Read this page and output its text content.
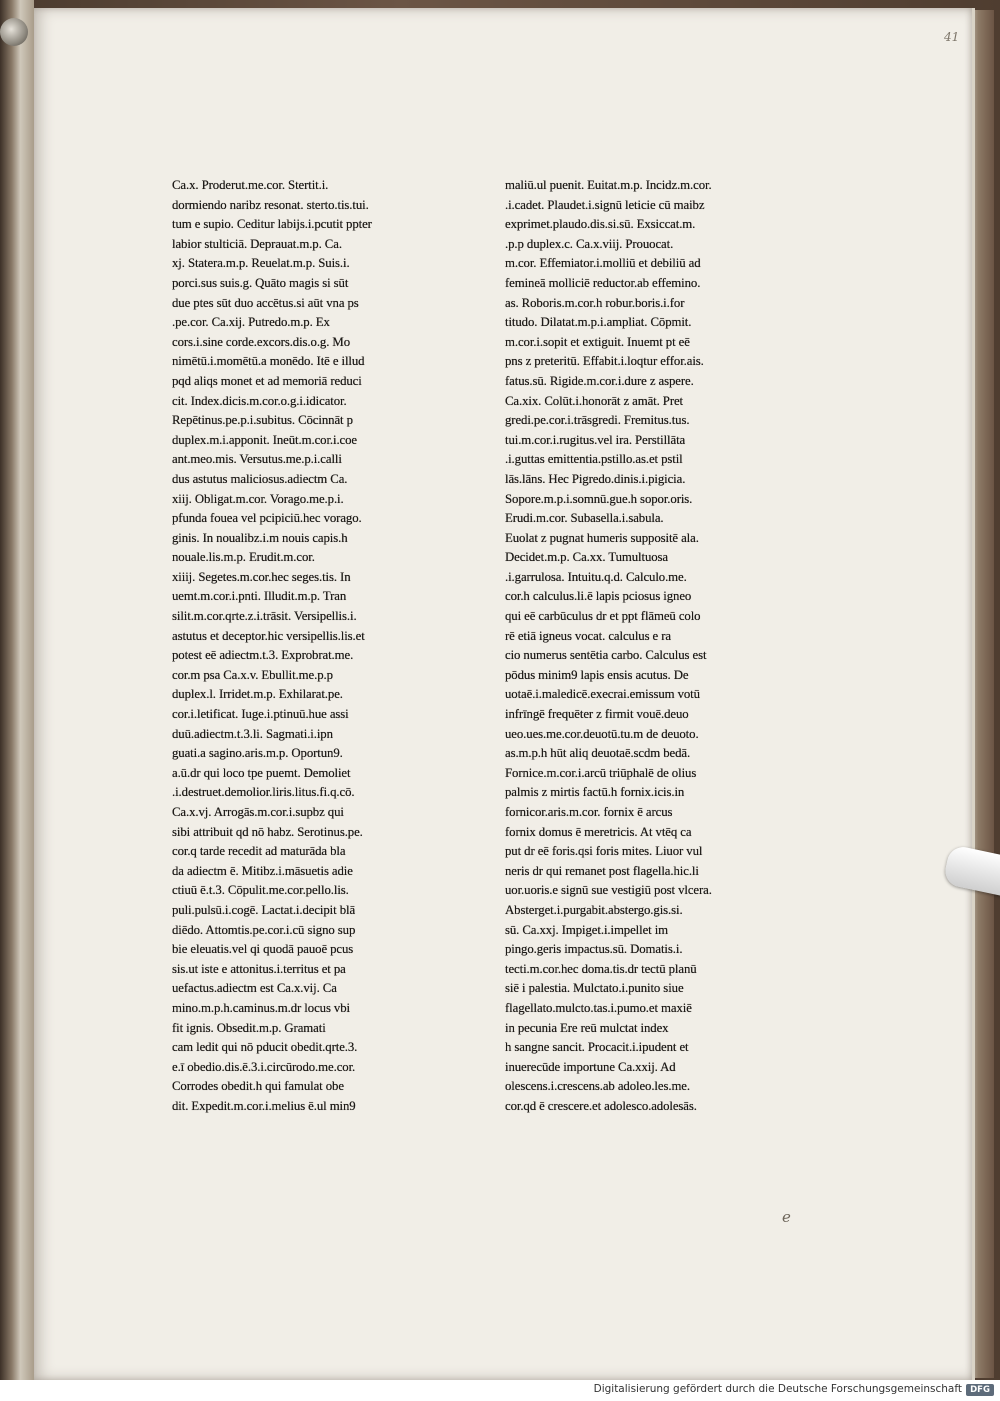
41
Ca.x. Proderut.me.cor. Stertit.i.
dormiendo naribz resonat. sterto.tis.tui.
tum e supio. Ceditur labijs.i.pcutit ppter
labior stulticiā. Deprauat.m.p. Ca.
xj. Statera.m.p. Reuelat.m.p. Suis.i.
porci.sus suis.g. Quāto magis si sūt
due ptes sūt duo accētus.si aūt vna ps
.pe.cor. Ca.xij. Putredo.m.p. Ex
cors.i.sine corde.excors.dis.o.g. Mo
nimētū.i.momētū.a monēdo. Itē e illud
pqd aliqs monet et ad memoriā reduci
cit. Index.dicis.m.cor.o.g.i.idicator.
Repētinus.pe.p.i.subitus. Cōcinnāt p
duplex.m.i.apponit. Ineūt.m.cor.i.coe
ant.meo.mis. Versutus.me.p.i.calli
dus astutus maliciosus.adiectm Ca.
xiij. Obligat.m.cor. Vorago.me.p.i.
pfunda fouea vel pcipiciū.hec vorago.
ginis. In noualibz.i.m nouis capis.h
nouale.lis.m.p. Erudit.m.cor.
xiiij. Segetes.m.cor.hec seges.tis. In
uemt.m.cor.i.pnti. Illudit.m.p. Tran
silit.m.cor.qrte.z.i.trāsit. Versipellis.i.
astutus et deceptor.hic versipellis.lis.et
potest eē adiectm.t.3. Exprobrat.me.
cor.m psa Ca.x.v. Ebullit.me.p.p
duplex.l. Irridet.m.p. Exhilarat.pe.
cor.i.letificat. Iuge.i.ptinuū.hue assi
duū.adiectm.t.3.li. Sagmati.i.ipn
guati.a sagino.aris.m.p. Oportun9.
a.ū.dr qui loco tpe puemt. Demoliet
.i.destruet.demolior.liris.litus.fi.q.cō.
Ca.x.vj. Arrogās.m.cor.i.supbz qui
sibi attribuit qd nō habz. Serotinus.pe.
cor.q tarde recedit ad maturāda bla
da adiectm ē. Mitibz.i.māsuetis adie
ctiuū ē.t.3. Cōpulit.me.cor.pello.lis.
puli.pulsū.i.cogē. Lactat.i.decipit blā
diēdo. Attomtis.pe.cor.i.cū signo sup
bie eleuatis.vel qi quodā pauoē pcus
sis.ut iste e attonitus.i.territus et pa
uefactus.adiectm est Ca.x.vij. Ca
mino.m.p.h.caminus.m.dr locus vbi
fit ignis. Obsedit.m.p. Gramati
cam ledit qui nō pducit obedit.qrte.3.
e.ī obedio.dis.ē.3.i.circūrodo.me.cor.
Corrodes obedit.h qui famulat obe
dit. Expedit.m.cor.i.melius ē.ul min9
maliū.ul puenit. Euitat.m.p. Incidz.m.cor.
.i.cadet. Plaudet.i.signū leticie cū maibz
exprimet.plaudo.dis.si.sū. Exsiccat.m.
.p.p duplex.c. Ca.x.viij. Prouocat.
m.cor. Effemiator.i.molliū et debiliū ad
femineā molliciē reductor.ab effemino.
as. Roboris.m.cor.h robur.boris.i.for
titudo. Dilatat.m.p.i.ampliat. Cōpmit.
m.cor.i.sopit et extiguit. Inuemt pt eē
pns z preteritū. Effabit.i.loqtur effor.ais.
fatus.sū. Rigide.m.cor.i.dure z aspere.
Ca.xix. Colūt.i.honorāt z amāt. Pret
gredi.pe.cor.i.trāsgredi. Fremitus.tus.
tui.m.cor.i.rugitus.vel ira. Perstillāta
.i.guttas emittentia.pstillo.as.et pstil
lās.lāns. Hec Pigredo.dinis.i.pigicia.
Sopore.m.p.i.somnū.gue.h sopor.oris.
Erudi.m.cor. Subasella.i.sabula.
Euolat z pugnat humeris suppositē ala.
Decidet.m.p. Ca.xx. Tumultuosa
.i.garrulosa. Intuitu.q.d. Calculo.me.
cor.h calculus.li.ē lapis pciosus igneo
qui eē carbūculus dr et ppt flāmeū colo
rē etiā igneus vocat. calculus e ra
cio numerus sentētia carbo. Calculus est
pōdus minim9 lapis ensis acutus. De
uotaē.i.maledicē.execrai.emissum votū
infrīngē frequēter z firmit vouē.deuo
ueo.ues.me.cor.deuotū.tu.m de deuoto.
as.m.p.h hūt aliq deuotaē.scdm bedā.
Fornice.m.cor.i.arcū triūphalē de olius
palmis z mirtis factū.h fornix.icis.in
fornicor.aris.m.cor. fornix ē arcus
fornix domus ē meretricis. At vtēq ca
put dr eē foris.qsi foris mites. Liuor vul
neris dr qui remanet post flagella.hic.li
uor.uoris.e signū sue vestigiū post vlcera.
Absterget.i.purgabit.abstergo.gis.si.
sū. Ca.xxj. Impiget.i.impellet im
pingo.geris impactus.sū. Domatis.i.
tecti.m.cor.hec doma.tis.dr tectū planū
siē i palestia. Mulctato.i.punito siue
flagellato.mulcto.tas.i.pumo.et maxiē
in pecunia Ere reū mulctat index
h sangne sancit. Procacit.i.ipudent et
inuerecūde importune Ca.xxij. Ad
olescens.i.crescens.ab adoleo.les.me.
cor.qd ē crescere.et adolesco.adolesās.
e
Digitalisierung gefördert durch die Deutsche Forschungsgemeinschaft DFG
